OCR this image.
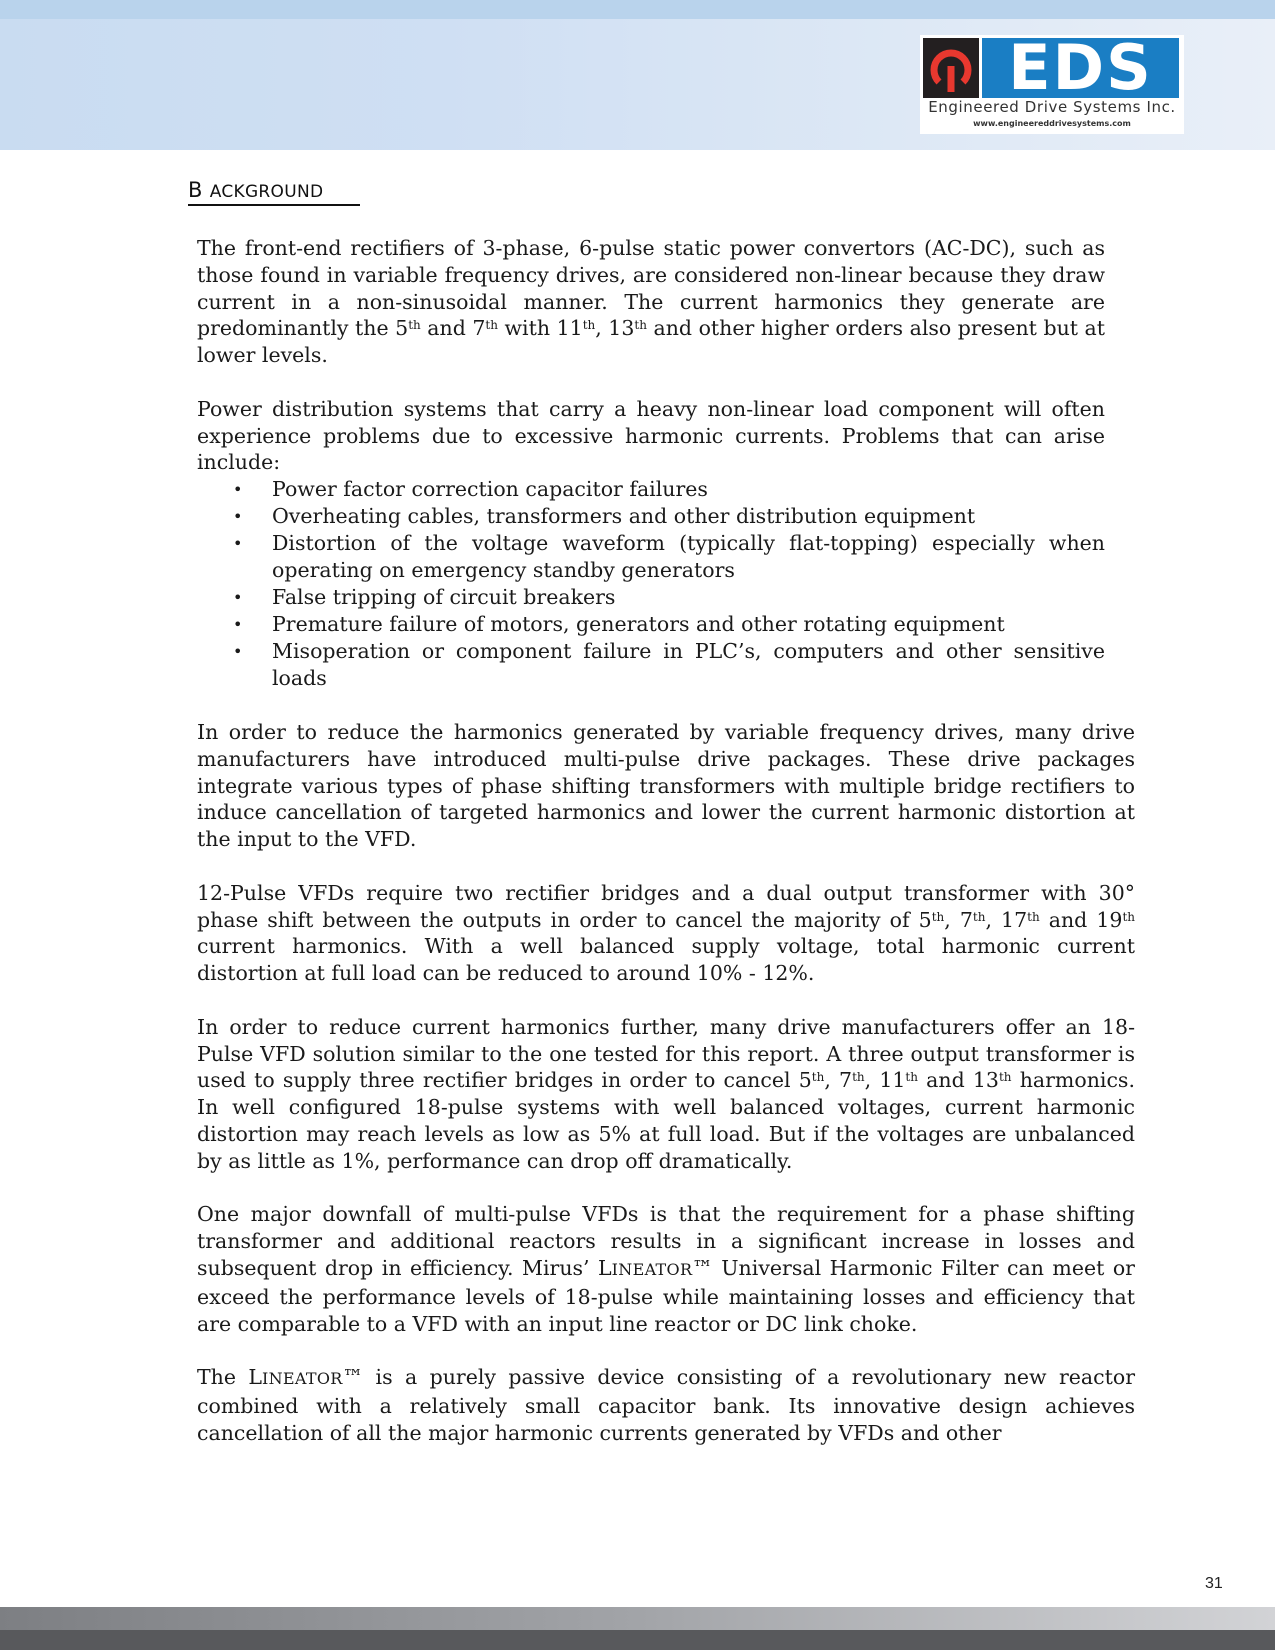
EDS
Engineered Drive Systems Inc.
www.engineereddrivesystems.com
B ACKGROUND

The front-end rectifiers of 3-phase, 6-pulse static power convertors (AC-DC), such as those found in variable frequency drives, are considered non-linear because they draw current in a non-sinusoidal manner. The current harmonics they generate are predominantly the 5th and 7th with 11th, 13th and other higher orders also present but at lower levels.

Power distribution systems that carry a heavy non-linear load component will often experience problems due to excessive harmonic currents. Problems that can arise include:

• Power factor correction capacitor failures
• Overheating cables, transformers and other distribution equipment
• Distortion of the voltage waveform (typically flat-topping) especially when operating on emergency standby generators
• False tripping of circuit breakers
• Premature failure of motors, generators and other rotating equipment
• Misoperation or component failure in PLC’s, computers and other sensitive loads

In order to reduce the harmonics generated by variable frequency drives, many drive manufacturers have introduced multi-pulse drive packages. These drive packages integrate various types of phase shifting transformers with multiple bridge rectifiers to induce cancellation of targeted harmonics and lower the current harmonic distortion at the input to the VFD.

12-Pulse VFDs require two rectifier bridges and a dual output transformer with 30° phase shift between the outputs in order to cancel the majority of 5th, 7th, 17th and 19th current harmonics. With a well balanced supply voltage, total harmonic current distortion at full load can be reduced to around 10% - 12%.

In order to reduce current harmonics further, many drive manufacturers offer an 18-Pulse VFD solution similar to the one tested for this report. A three output transformer is used to supply three rectifier bridges in order to cancel 5th, 7th, 11th and 13th harmonics. In well configured 18-pulse systems with well balanced voltages, current harmonic distortion may reach levels as low as 5% at full load. But if the voltages are unbalanced by as little as 1%, performance can drop off dramatically.

One major downfall of multi-pulse VFDs is that the requirement for a phase shifting transformer and additional reactors results in a significant increase in losses and subsequent drop in efficiency. Mirus’ LINEATOR™ Universal Harmonic Filter can meet or exceed the performance levels of 18-pulse while maintaining losses and efficiency that are comparable to a VFD with an input line reactor or DC link choke.

The LINEATOR™ is a purely passive device consisting of a revolutionary new reactor combined with a relatively small capacitor bank. Its innovative design achieves cancellation of all the major harmonic currents generated by VFDs and other

31
